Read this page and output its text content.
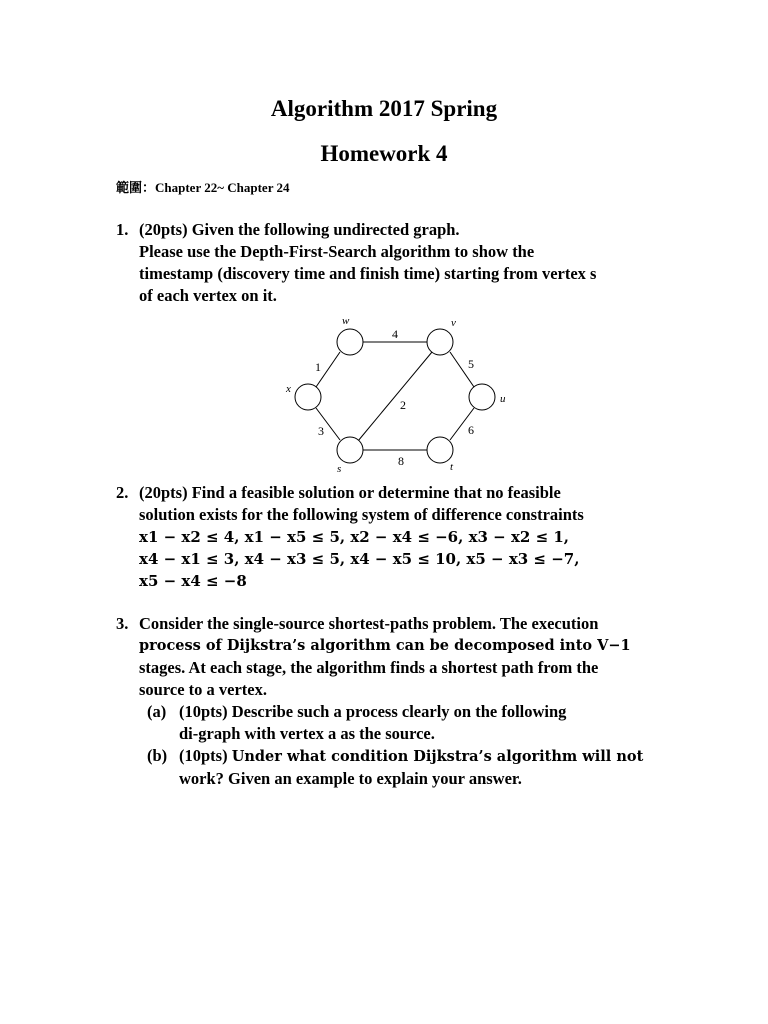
Algorithm 2017 Spring
Homework 4
範圍：Chapter 22~ Chapter 24
1. (20pts) Given the following undirected graph.
Please use the Depth-First-Search algorithm to show the
timestamp (discovery time and finish time) starting from vertex s
of each vertex on it.
w	v
x
u
s	t
4
1	5
2
3	6
8
2. (20pts) Find a feasible solution or determine that no feasible
solution exists for the following system of difference constraints
x1 − x2 ≤ 4, x1 − x5 ≤ 5, x2 − x4 ≤ −6, x3 − x2 ≤ 1,
x4 − x1 ≤ 3, x4 − x3 ≤ 5, x4 − x5 ≤ 10, x5 − x3 ≤ −7,
x5 − x4 ≤ −8
3. Consider the single-source shortest-paths problem. The execution
process of Dijkstra’s algorithm can be decomposed into V−1
stages. At each stage, the algorithm finds a shortest path from the
source to a vertex.
(a) (10pts) Describe such a process clearly on the following
di-graph with vertex a as the source.
(b) (10pts) Under what condition Dijkstra’s algorithm will not
work? Given an example to explain your answer.
